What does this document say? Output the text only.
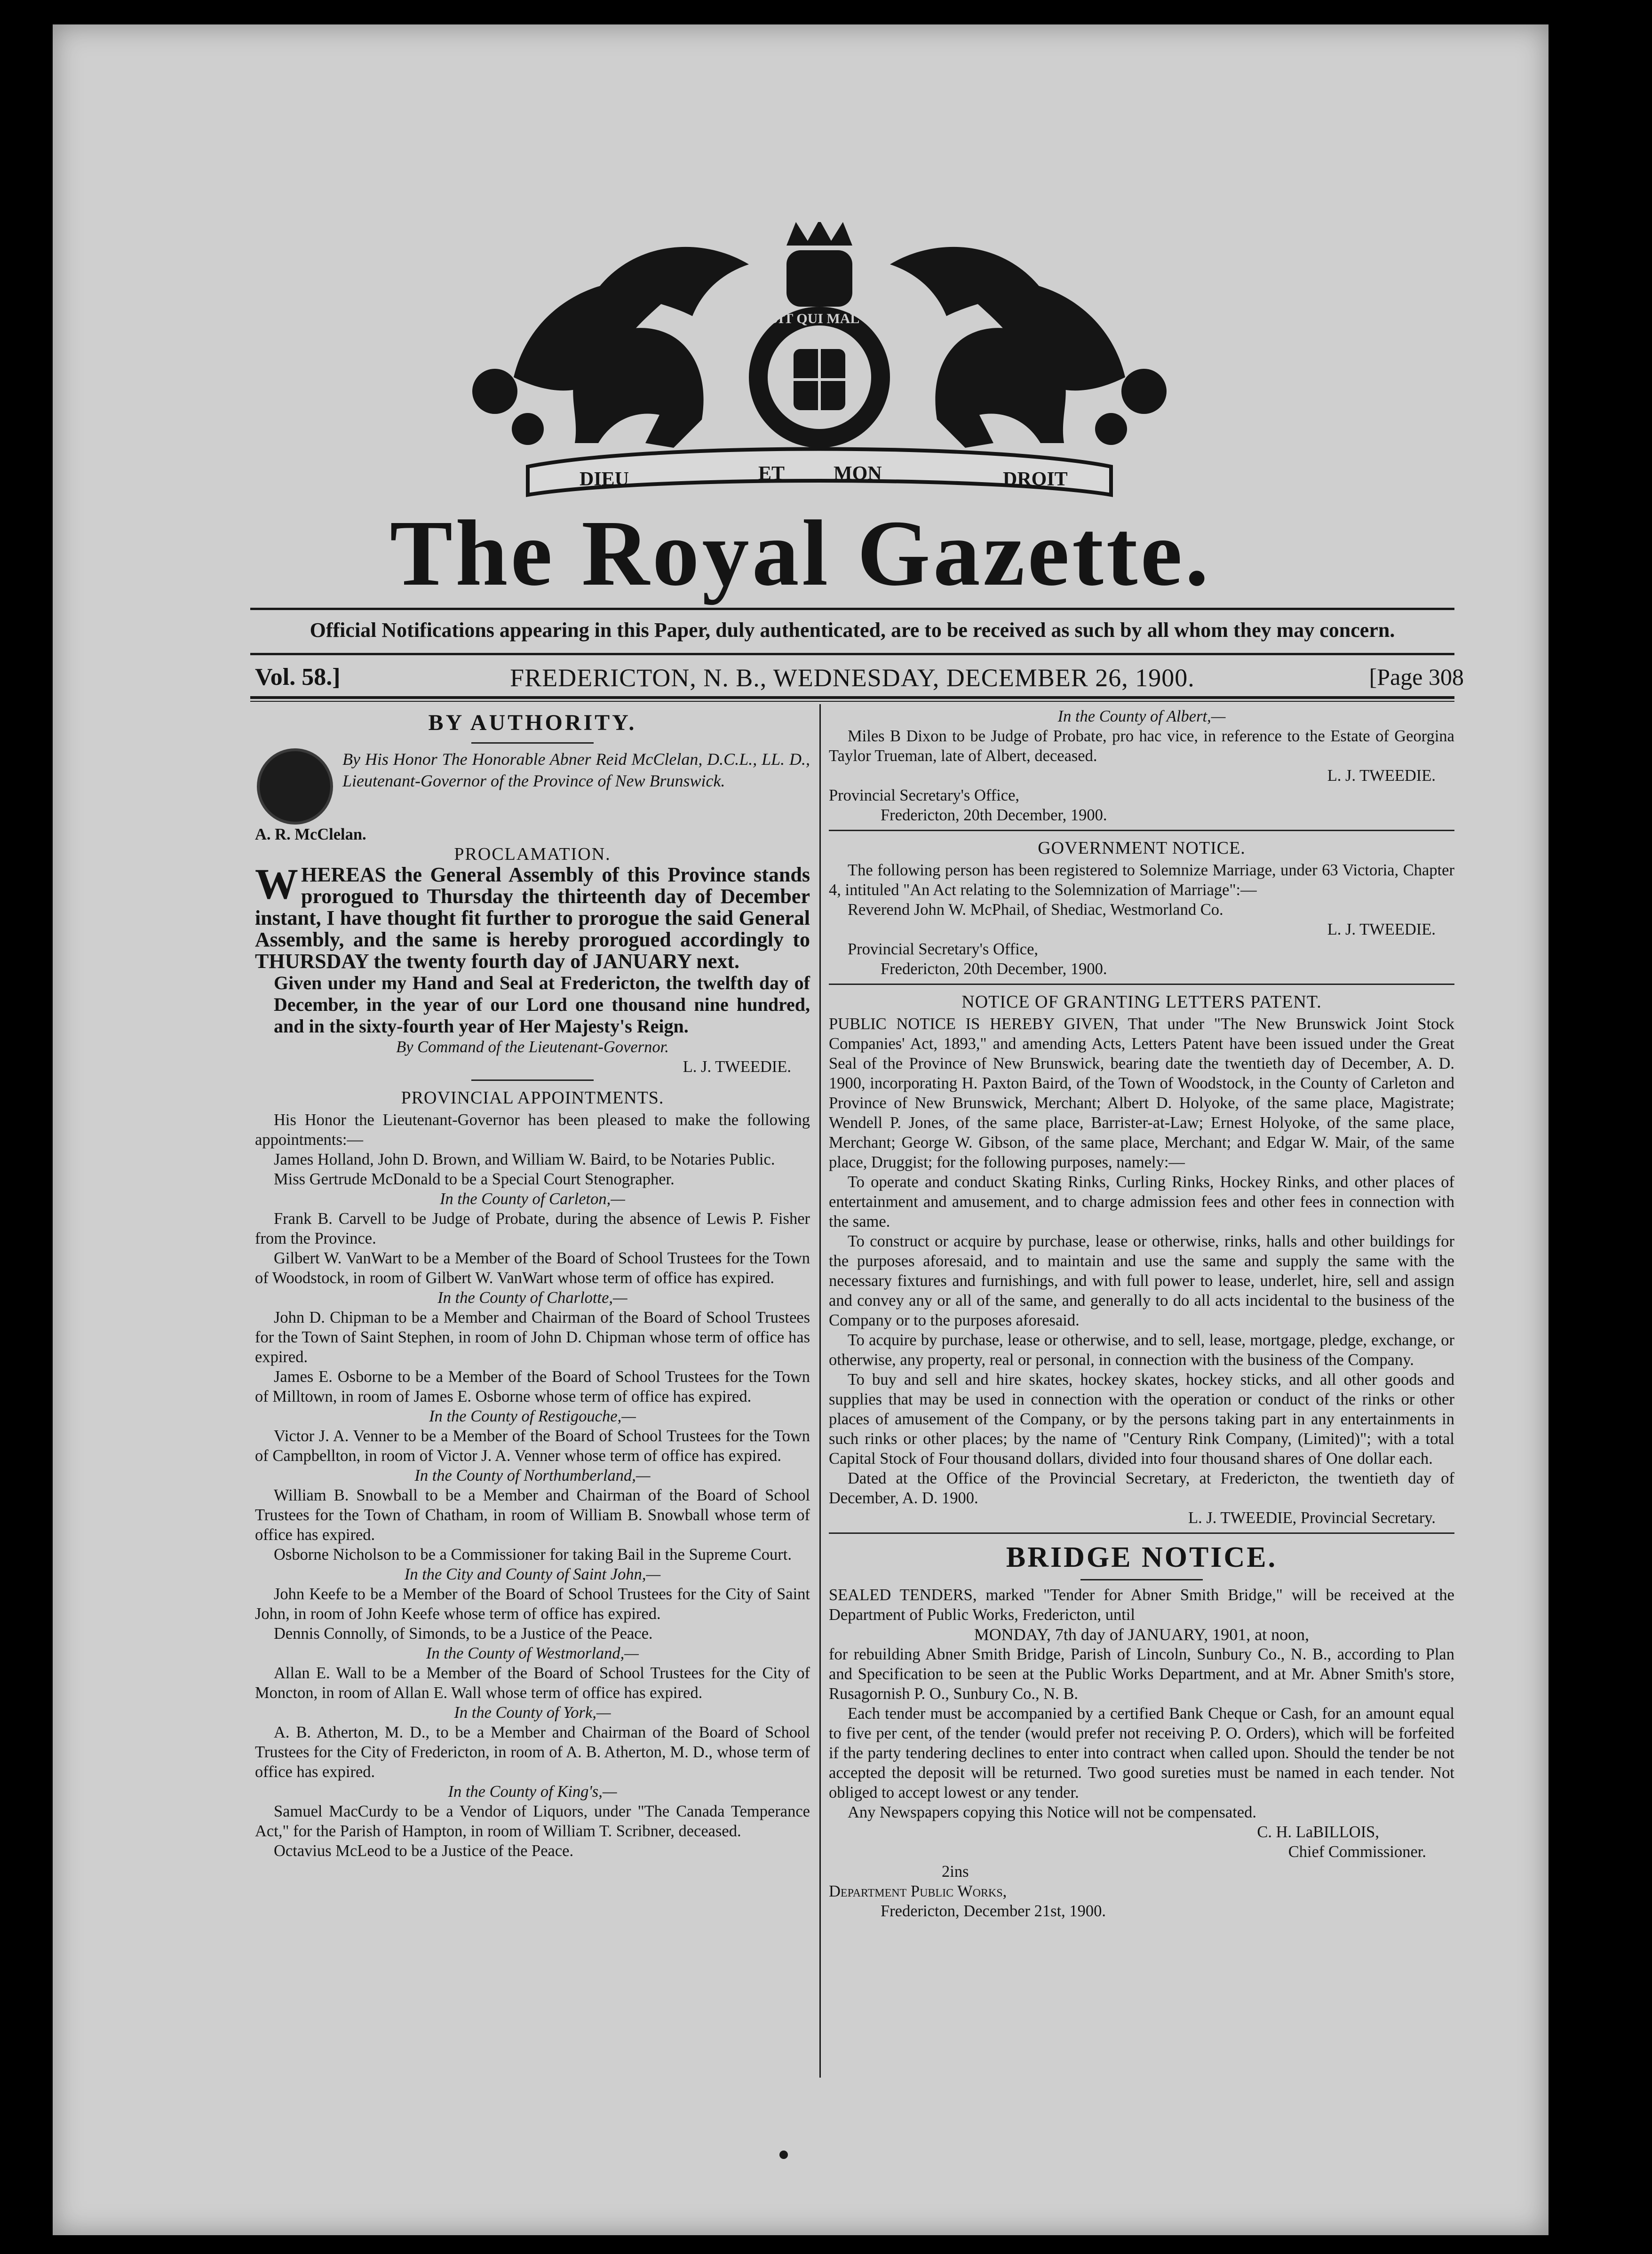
HONI SOIT QUI MAL Y PENSE
DIEU	ET MON	DROIT
The Royal Gazette.
Official Notifications appearing in this Paper, duly authenticated, are to be received as such by all whom they may concern.
Vol. 58.]	FREDERICTON, N. B., WEDNESDAY, DECEMBER 26, 1900.	[Page 308

BY AUTHORITY.

By His Honor The Honorable Abner Reid McClelan, D.C.L., LL. D., Lieutenant-Governor of the Province of New Brunswick.

A. R. McClelan.

PROCLAMATION.

W HEREAS the General Assembly of this Province stands prorogued to Thursday the thirteenth day of December instant, I have thought fit further to prorogue the said General Assembly, and the same is hereby prorogued accordingly to THURSDAY the twenty fourth day of JANUARY next.

Given under my Hand and Seal at Fredericton, the twelfth day of December, in the year of our Lord one thousand nine hundred, and in the sixty-fourth year of Her Majesty's Reign.

By Command of the Lieutenant-Governor.

L. J. TWEEDIE.

PROVINCIAL APPOINTMENTS.

His Honor the Lieutenant-Governor has been pleased to make the following appointments:—

James Holland, John D. Brown, and William W. Baird, to be Notaries Public.

Miss Gertrude McDonald to be a Special Court Stenographer.

In the County of Carleton,—

Frank B. Carvell to be Judge of Probate, during the absence of Lewis P. Fisher from the Province.

Gilbert W. VanWart to be a Member of the Board of School Trustees for the Town of Woodstock, in room of Gilbert W. VanWart whose term of office has expired.

In the County of Charlotte,—

John D. Chipman to be a Member and Chairman of the Board of School Trustees for the Town of Saint Stephen, in room of John D. Chipman whose term of office has expired.

James E. Osborne to be a Member of the Board of School Trustees for the Town of Milltown, in room of James E. Osborne whose term of office has expired.

In the County of Restigouche,—

Victor J. A. Venner to be a Member of the Board of School Trustees for the Town of Campbellton, in room of Victor J. A. Venner whose term of office has expired.

In the County of Northumberland,—

William B. Snowball to be a Member and Chairman of the Board of School Trustees for the Town of Chatham, in room of William B. Snowball whose term of office has expired.

Osborne Nicholson to be a Commissioner for taking Bail in the Supreme Court.

In the City and County of Saint John,—

John Keefe to be a Member of the Board of School Trustees for the City of Saint John, in room of John Keefe whose term of office has expired.

Dennis Connolly, of Simonds, to be a Justice of the Peace.

In the County of Westmorland,—

Allan E. Wall to be a Member of the Board of School Trustees for the City of Moncton, in room of Allan E. Wall whose term of office has expired.

In the County of York,—

A. B. Atherton, M. D., to be a Member and Chairman of the Board of School Trustees for the City of Fredericton, in room of A. B. Atherton, M. D., whose term of office has expired.

In the County of King's,—

Samuel MacCurdy to be a Vendor of Liquors, under "The Canada Temperance Act," for the Parish of Hampton, in room of William T. Scribner, deceased.

Octavius McLeod to be a Justice of the Peace.

In the County of Albert,—

Miles B Dixon to be Judge of Probate, pro hac vice, in reference to the Estate of Georgina Taylor Trueman, late of Albert, deceased.

L. J. TWEEDIE.

Provincial Secretary's Office,

Fredericton, 20th December, 1900.

GOVERNMENT NOTICE.

The following person has been registered to Solemnize Marriage, under 63 Victoria, Chapter 4, intituled "An Act relating to the Solemnization of Marriage":—

Reverend John W. McPhail, of Shediac, Westmorland Co.

L. J. TWEEDIE.

Provincial Secretary's Office,

Fredericton, 20th December, 1900.

NOTICE OF GRANTING LETTERS PATENT.

PUBLIC NOTICE IS HEREBY GIVEN, That under "The New Brunswick Joint Stock Companies' Act, 1893," and amending Acts, Letters Patent have been issued under the Great Seal of the Province of New Brunswick, bearing date the twentieth day of December, A. D. 1900, incorporating H. Paxton Baird, of the Town of Woodstock, in the County of Carleton and Province of New Brunswick, Merchant; Albert D. Holyoke, of the same place, Magistrate; Wendell P. Jones, of the same place, Barrister-at-Law; Ernest Holyoke, of the same place, Merchant; George W. Gibson, of the same place, Merchant; and Edgar W. Mair, of the same place, Druggist; for the following purposes, namely:—

To operate and conduct Skating Rinks, Curling Rinks, Hockey Rinks, and other places of entertainment and amusement, and to charge admission fees and other fees in connection with the same.

To construct or acquire by purchase, lease or otherwise, rinks, halls and other buildings for the purposes aforesaid, and to maintain and use the same and supply the same with the necessary fixtures and furnishings, and with full power to lease, underlet, hire, sell and assign and convey any or all of the same, and generally to do all acts incidental to the business of the Company or to the purposes aforesaid.

To acquire by purchase, lease or otherwise, and to sell, lease, mortgage, pledge, exchange, or otherwise, any property, real or personal, in connection with the business of the Company.

To buy and sell and hire skates, hockey skates, hockey sticks, and all other goods and supplies that may be used in connection with the operation or conduct of the rinks or other places of amusement of the Company, or by the persons taking part in any entertainments in such rinks or other places; by the name of "Century Rink Company, (Limited)"; with a total Capital Stock of Four thousand dollars, divided into four thousand shares of One dollar each.

Dated at the Office of the Provincial Secretary, at Fredericton, the twentieth day of December, A. D. 1900.

L. J. TWEEDIE, Provincial Secretary.

BRIDGE NOTICE.

SEALED TENDERS, marked "Tender for Abner Smith Bridge," will be received at the Department of Public Works, Fredericton, until

MONDAY, 7th day of JANUARY, 1901, at noon,

for rebuilding Abner Smith Bridge, Parish of Lincoln, Sunbury Co., N. B., according to Plan and Specification to be seen at the Public Works Department, and at Mr. Abner Smith's store, Rusagornish P. O., Sunbury Co., N. B.

Each tender must be accompanied by a certified Bank Cheque or Cash, for an amount equal to five per cent, of the tender (would prefer not receiving P. O. Orders), which will be forfeited if the party tendering declines to enter into contract when called upon. Should the tender be not accepted the deposit will be returned. Two good sureties must be named in each tender. Not obliged to accept lowest or any tender.

Any Newspapers copying this Notice will not be compensated.

C. H. LaBILLOIS,

Chief Commissioner.

2ins

Department Public Works,

Fredericton, December 21st, 1900.
